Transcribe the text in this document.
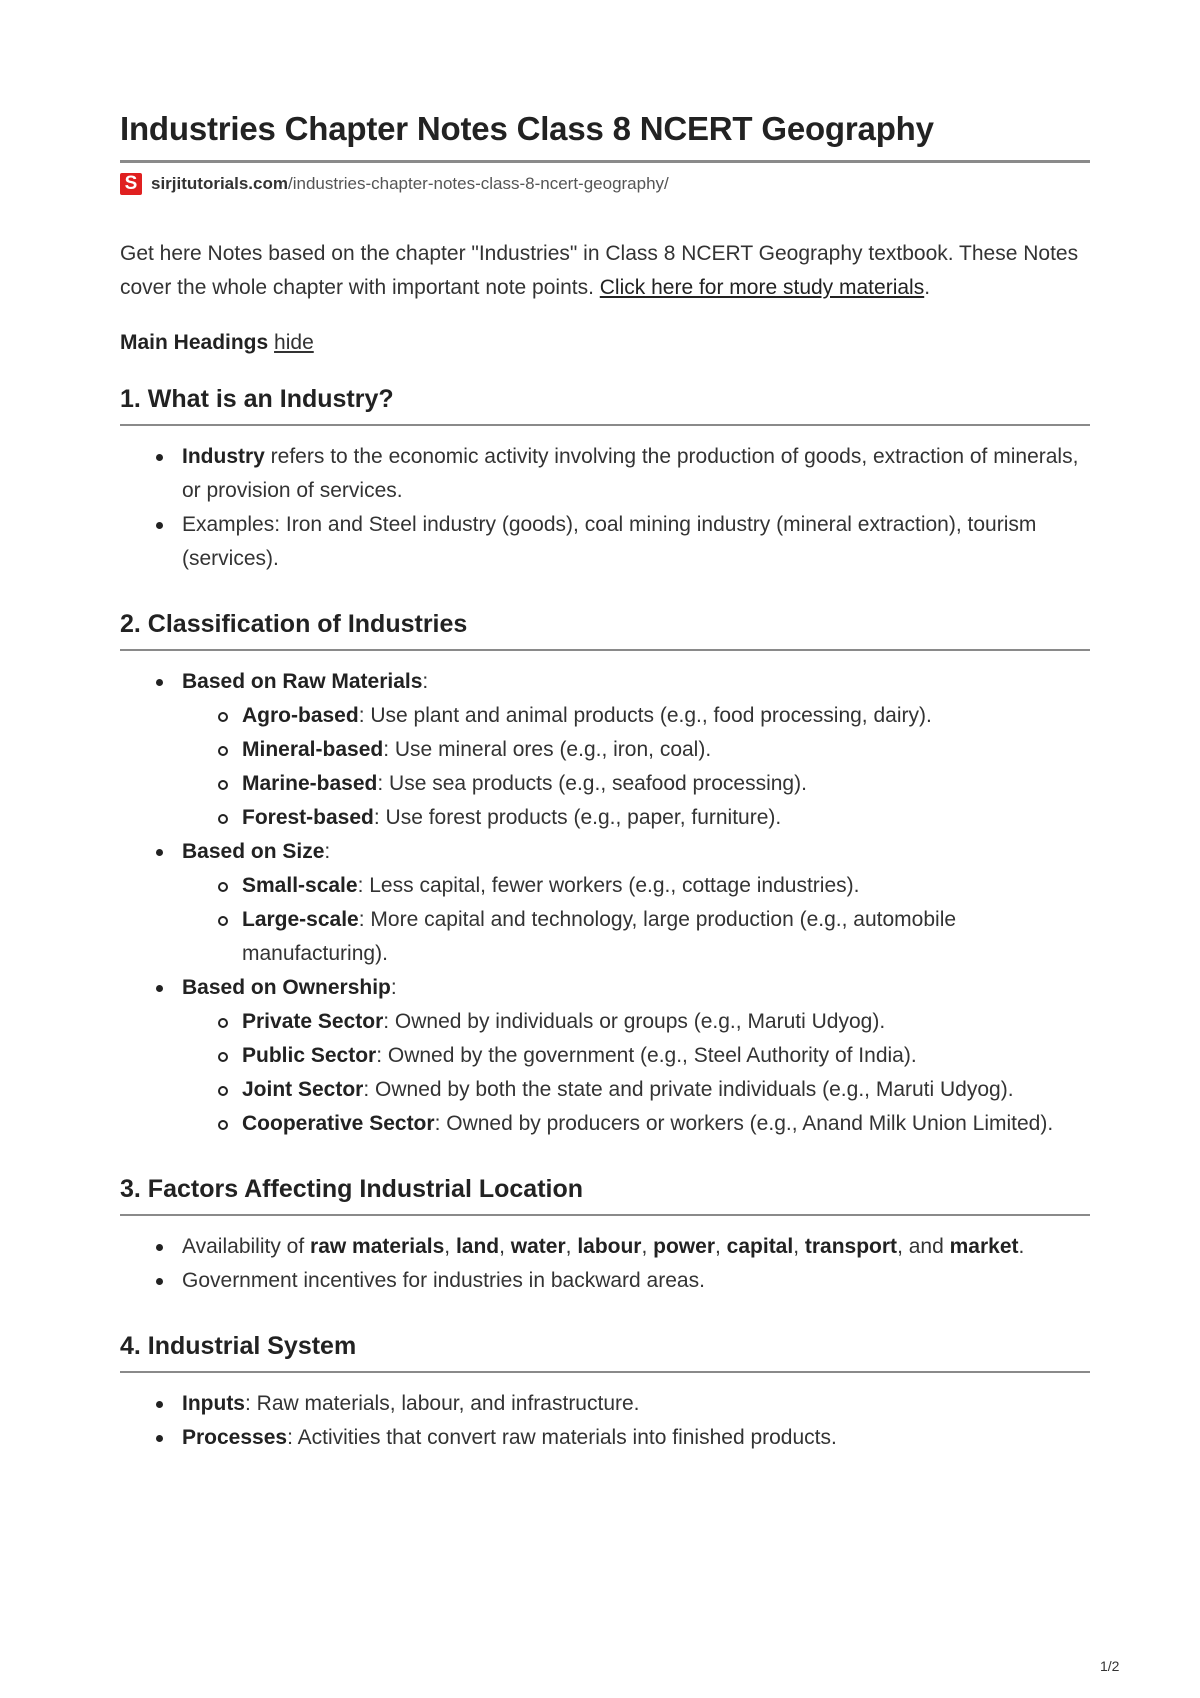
Industries Chapter Notes Class 8 NCERT Geography
S sirjitutorials.com/industries-chapter-notes-class-8-ncert-geography/

Get here Notes based on the chapter "Industries" in Class 8 NCERT Geography textbook. These Notes cover the whole chapter with important note points. Click here for more study materials.

Main Headings hide
1. What is an Industry?
Industry refers to the economic activity involving the production of goods, extraction of minerals, or provision of services.
Examples: Iron and Steel industry (goods), coal mining industry (mineral extraction), tourism (services).
2. Classification of Industries
Based on Raw Materials:
Agro-based: Use plant and animal products (e.g., food processing, dairy).
Mineral-based: Use mineral ores (e.g., iron, coal).
Marine-based: Use sea products (e.g., seafood processing).
Forest-based: Use forest products (e.g., paper, furniture).
Based on Size:
Small-scale: Less capital, fewer workers (e.g., cottage industries).
Large-scale: More capital and technology, large production (e.g., automobile manufacturing).
Based on Ownership:
Private Sector: Owned by individuals or groups (e.g., Maruti Udyog).
Public Sector: Owned by the government (e.g., Steel Authority of India).
Joint Sector: Owned by both the state and private individuals (e.g., Maruti Udyog).
Cooperative Sector: Owned by producers or workers (e.g., Anand Milk Union Limited).
3. Factors Affecting Industrial Location
Availability of raw materials, land, water, labour, power, capital, transport, and market.
Government incentives for industries in backward areas.
4. Industrial System
Inputs: Raw materials, labour, and infrastructure.
Processes: Activities that convert raw materials into finished products.
1/2
